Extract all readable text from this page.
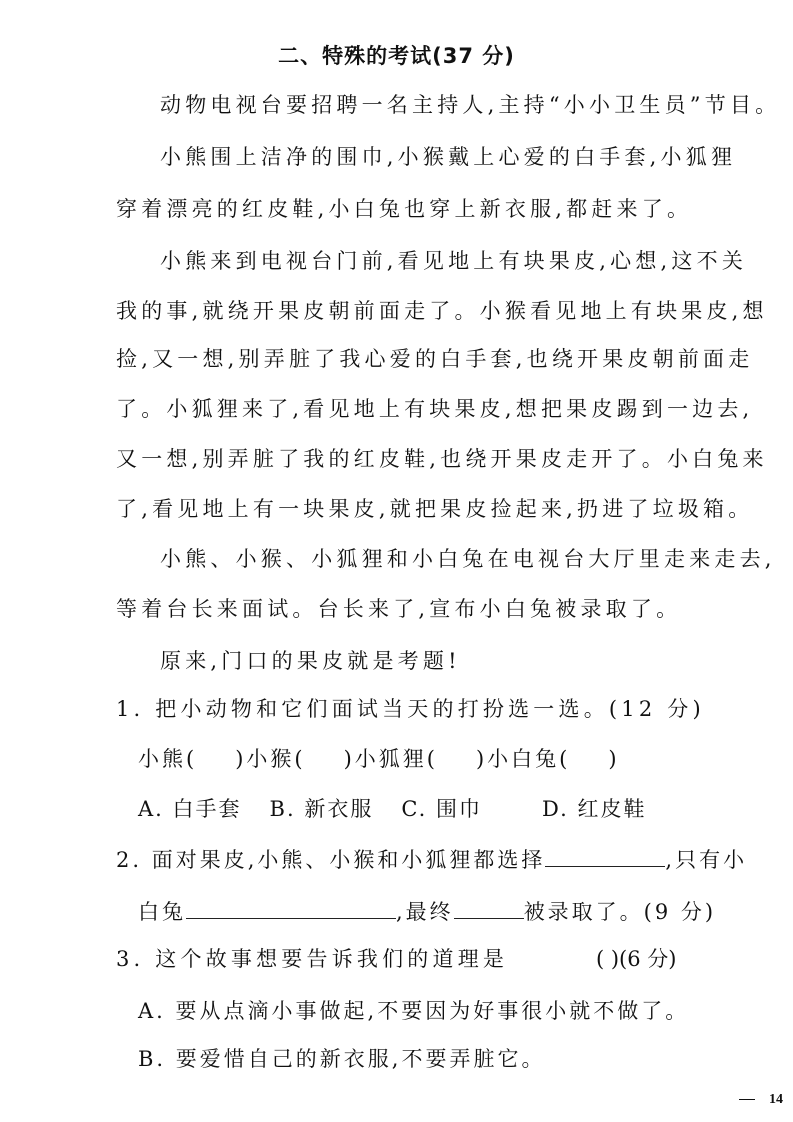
二、特殊的考试(37 分)
动物电视台要招聘一名主持人,主持“小小卫生员”节目。
小熊围上洁净的围巾,小猴戴上心爱的白手套,小狐狸
穿着漂亮的红皮鞋,小白兔也穿上新衣服,都赶来了。
小熊来到电视台门前,看见地上有块果皮,心想,这不关
我的事,就绕开果皮朝前面走了。小猴看见地上有块果皮,想
捡,又一想,别弄脏了我心爱的白手套,也绕开果皮朝前面走
了。小狐狸来了,看见地上有块果皮,想把果皮踢到一边去,
又一想,别弄脏了我的红皮鞋,也绕开果皮走开了。小白兔来
了,看见地上有一块果皮,就把果皮捡起来,扔进了垃圾箱。
小熊、小猴、小狐狸和小白兔在电视台大厅里走来走去,
等着台长来面试。台长来了,宣布小白兔被录取了。
原来,门口的果皮就是考题!
1. 把小动物和它们面试当天的打扮选一选。(12 分)
小熊( )小猴( )小狐狸( )小白兔( )
A. 白手套 B. 新衣服 C. 围巾	D. 红皮鞋
2. 面对果皮,小熊、小猴和小狐狸都选择	,只有小
白兔	,最终	被录取了。(9 分)
3. 这个故事想要告诉我们的道理是	( )(6 分)
A. 要从点滴小事做起,不要因为好事很小就不做了。
B. 要爱惜自己的新衣服,不要弄脏它。
14
